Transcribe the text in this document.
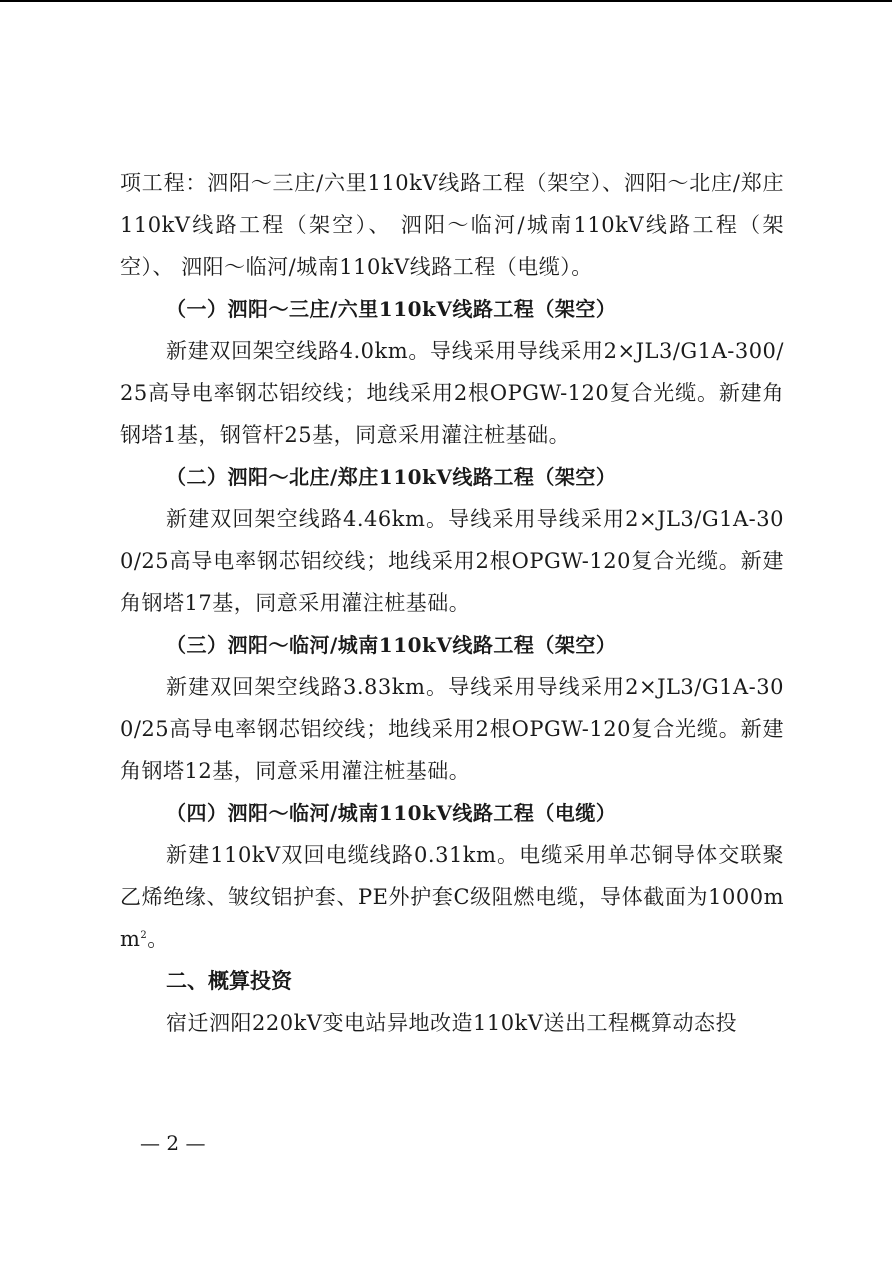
项工程：泗阳～三庄/六里110kV线路工程（架空）、泗阳～北庄/郑庄110kV线路工程（架空）、 泗阳～临河/城南110kV线路工程（架空）、 泗阳～临河/城南110kV线路工程（电缆）。

（一）泗阳～三庄/六里110kV线路工程（架空）

新建双回架空线路4.0km。导线采用导线采用2×JL3/G1A-300/25高导电率钢芯铝绞线；地线采用2根OPGW-120复合光缆。新建角钢塔1基，钢管杆25基，同意采用灌注桩基础。

（二）泗阳～北庄/郑庄110kV线路工程（架空）

新建双回架空线路4.46km。导线采用导线采用2×JL3/G1A-300/25高导电率钢芯铝绞线；地线采用2根OPGW-120复合光缆。新建角钢塔17基，同意采用灌注桩基础。

（三）泗阳～临河/城南110kV线路工程（架空）

新建双回架空线路3.83km。导线采用导线采用2×JL3/G1A-300/25高导电率钢芯铝绞线；地线采用2根OPGW-120复合光缆。新建角钢塔12基，同意采用灌注桩基础。

（四）泗阳～临河/城南110kV线路工程（电缆）

新建110kV双回电缆线路0.31km。电缆采用单芯铜导体交联聚乙烯绝缘、皱纹铝护套、PE外护套C级阻燃电缆，导体截面为$1000mm^2$。

二、概算投资

宿迁泗阳220kV变电站异地改造110kV送出工程概算动态投

— 2 —
